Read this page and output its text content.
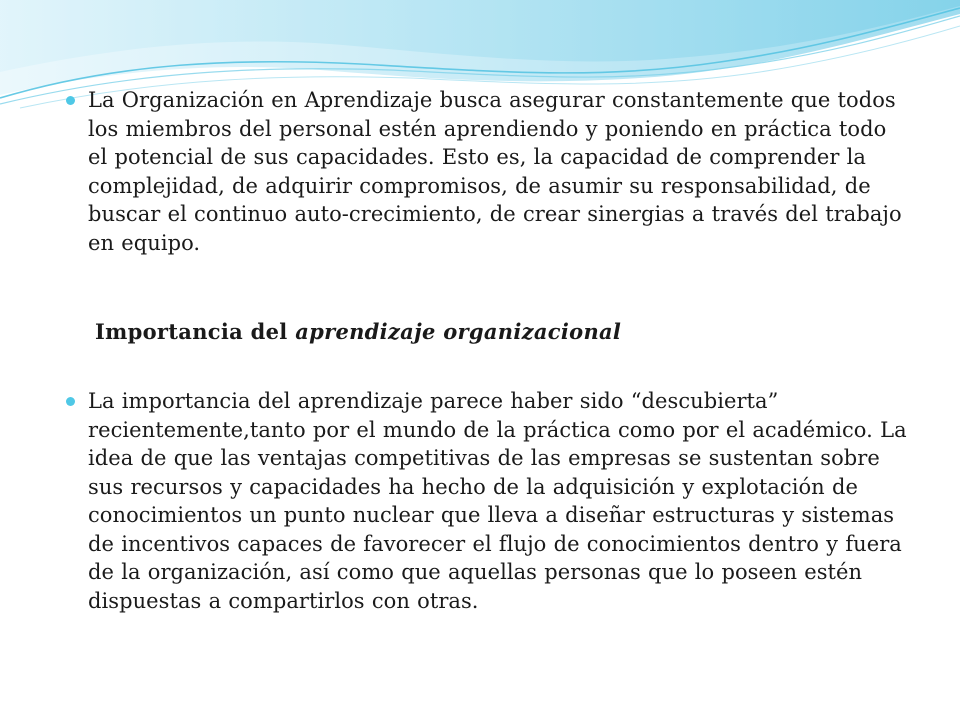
La Organización en Aprendizaje busca asegurar constantemente que todos los miembros del personal estén aprendiendo y poniendo en práctica todo el potencial de sus capacidades. Esto es, la capacidad de comprender la complejidad, de adquirir compromisos, de asumir su responsabilidad, de buscar el continuo auto-crecimiento, de crear sinergias a través del trabajo en equipo.

Importancia del aprendizaje organizacional

La importancia del aprendizaje parece haber sido “descubierta” recientemente,tanto por el mundo de la práctica como por el académico. La idea de que las ventajas competitivas de las empresas se sustentan sobre sus recursos y capacidades ha hecho de la adquisición y explotación de conocimientos un punto nuclear que lleva a diseñar estructuras y sistemas de incentivos capaces de favorecer el flujo de conocimientos dentro y fuera de la organización, así como que aquellas personas que lo poseen estén dispuestas a compartirlos con otras.
